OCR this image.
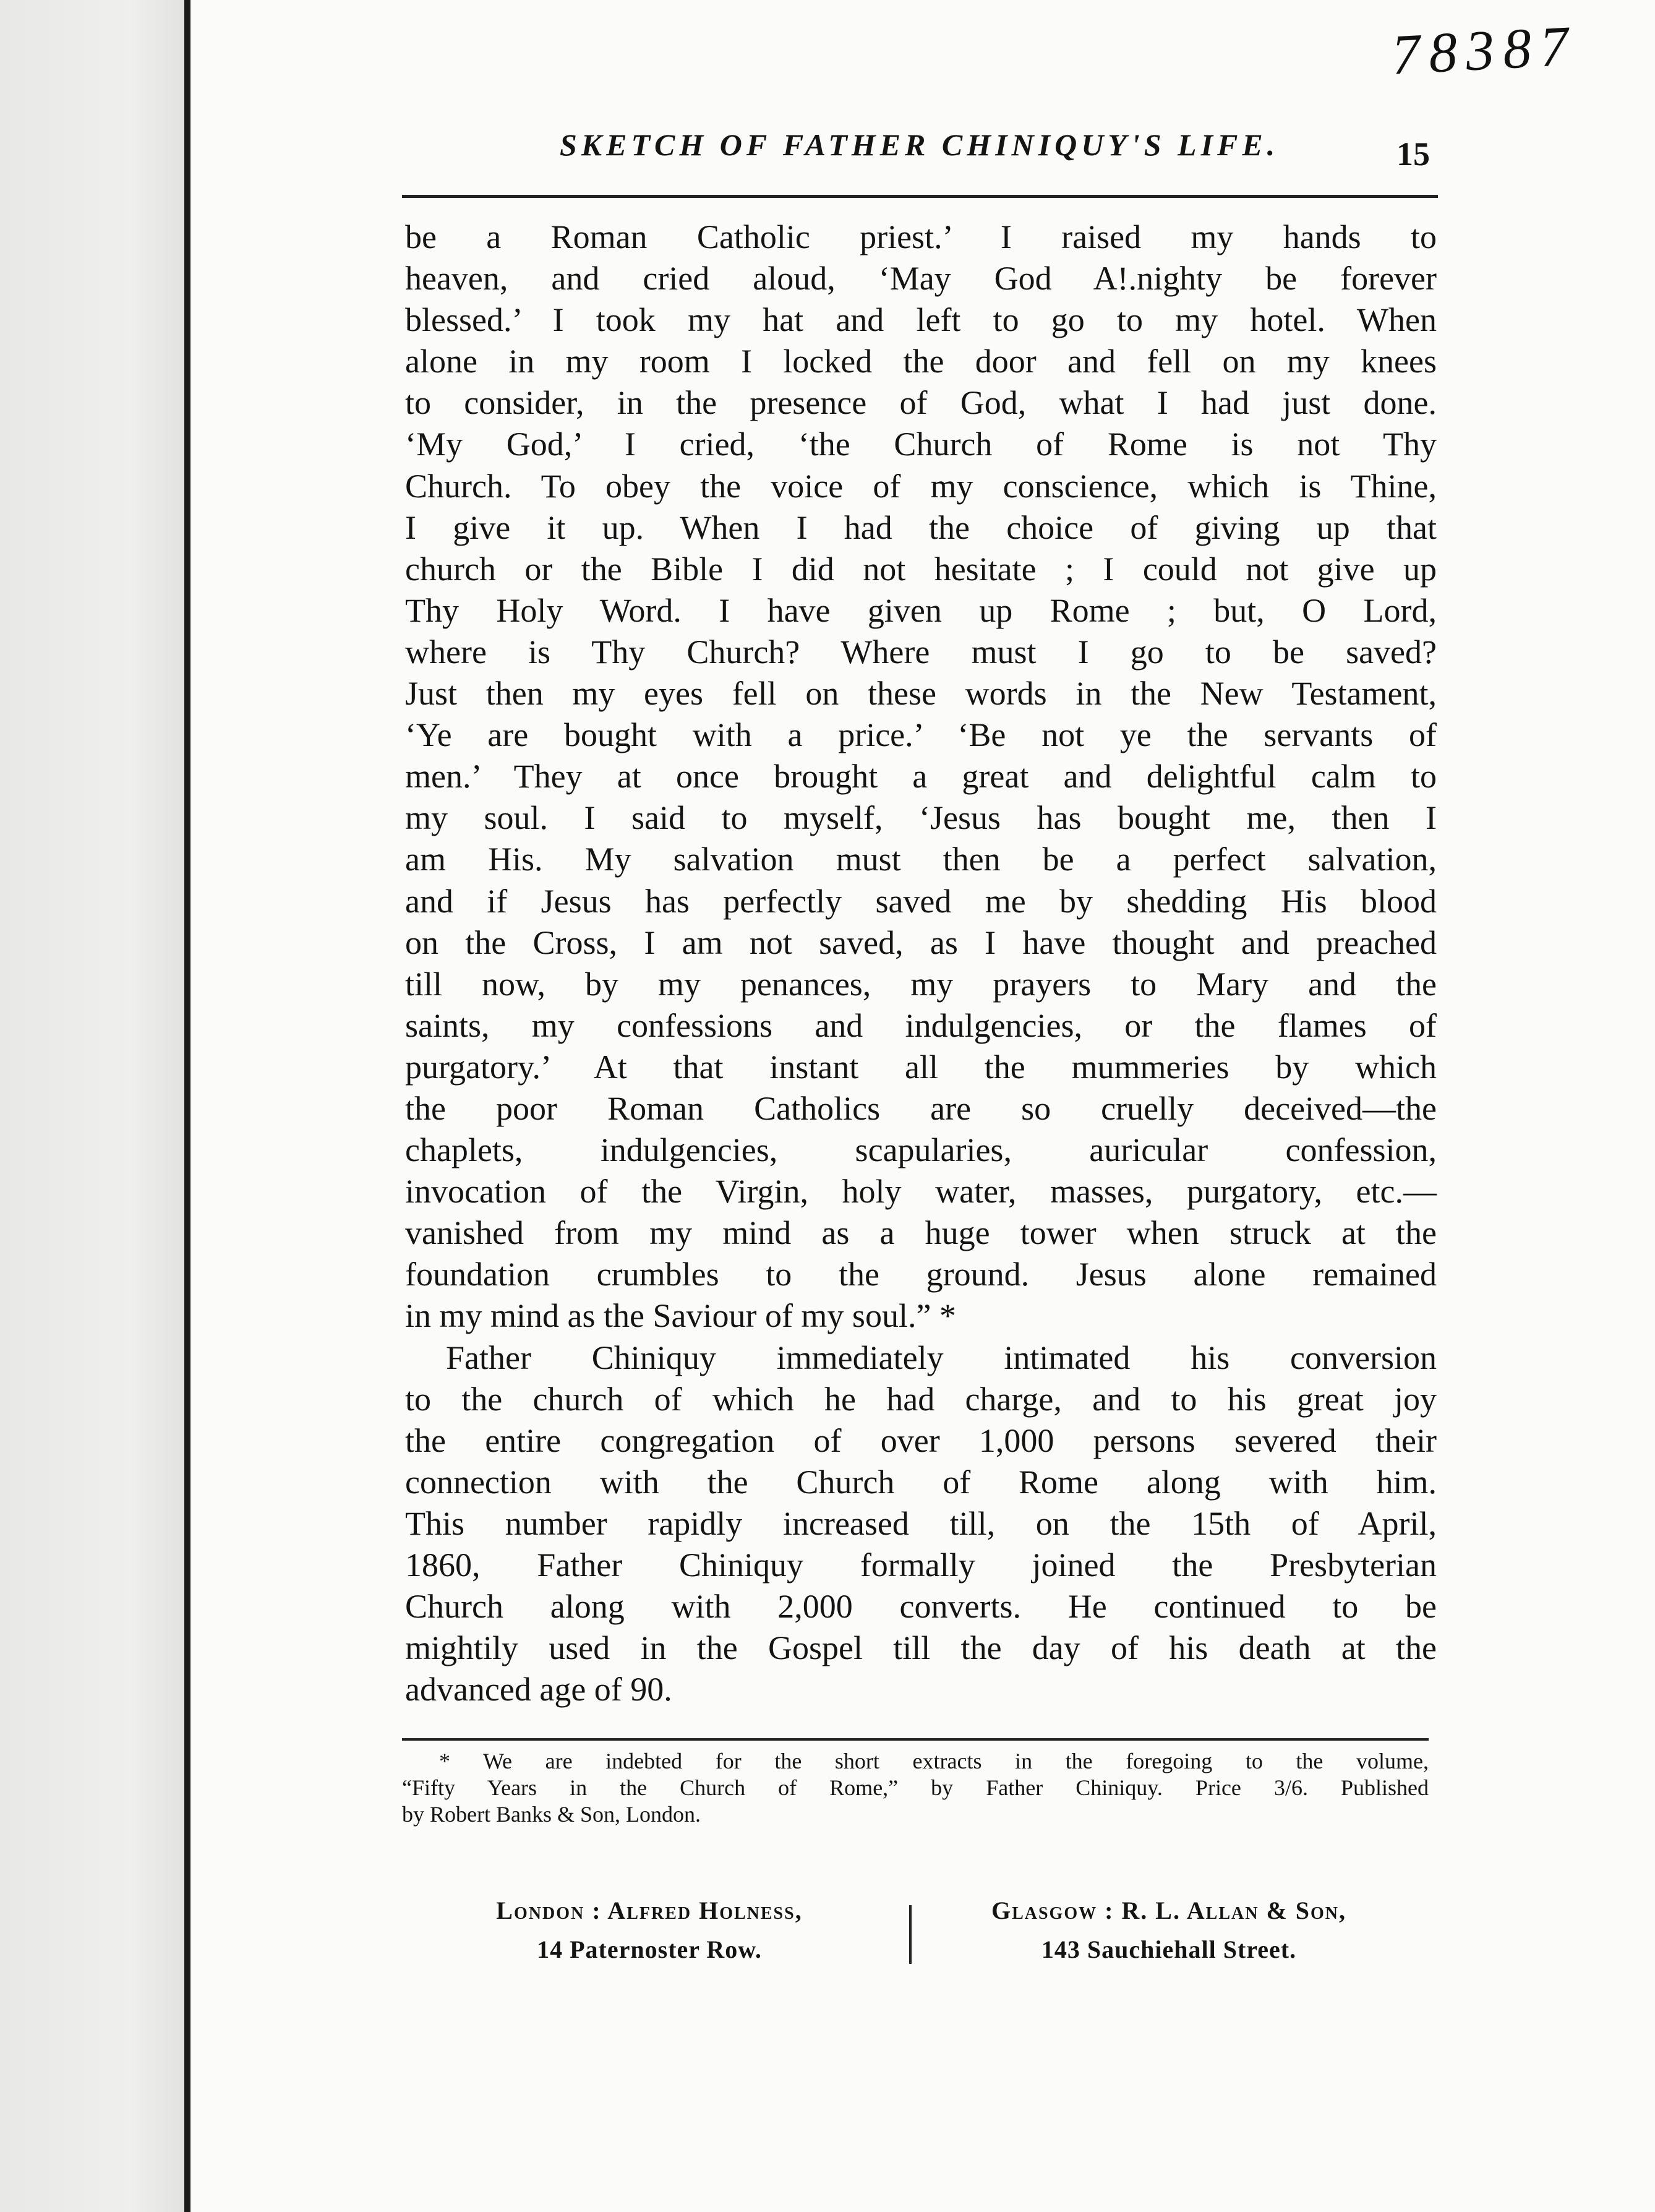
78387
SKETCH OF FATHER CHINIQUY'S LIFE.	15
be a Roman Catholic priest.’ I raised my hands to
heaven, and cried aloud, ‘May God A!.nighty be forever
blessed.’ I took my hat and left to go to my hotel. When
alone in my room I locked the door and fell on my knees
to consider, in the presence of God, what I had just done.
‘My God,’ I cried, ‘the Church of Rome is not Thy
Church. To obey the voice of my conscience, which is Thine,
I give it up. When I had the choice of giving up that
church or the Bible I did not hesitate ; I could not give up
Thy Holy Word. I have given up Rome ; but, O Lord,
where is Thy Church? Where must I go to be saved?
Just then my eyes fell on these words in the New Testament,
‘Ye are bought with a price.’ ‘Be not ye the servants of
men.’ They at once brought a great and delightful calm to
my soul. I said to myself, ‘Jesus has bought me, then I
am His. My salvation must then be a perfect salvation,
and if Jesus has perfectly saved me by shedding His blood
on the Cross, I am not saved, as I have thought and preached
till now, by my penances, my prayers to Mary and the
saints, my confessions and indulgencies, or the flames of
purgatory.’ At that instant all the mummeries by which
the poor Roman Catholics are so cruelly deceived—the
chaplets, indulgencies, scapularies, auricular confession,
invocation of the Virgin, holy water, masses, purgatory, etc.—
vanished from my mind as a huge tower when struck at the
foundation crumbles to the ground. Jesus alone remained
in my mind as the Saviour of my soul.” *
Father Chiniquy immediately intimated his conversion
to the church of which he had charge, and to his great joy
the entire congregation of over 1,000 persons severed their
connection with the Church of Rome along with him.
This number rapidly increased till, on the 15th of April,
1860, Father Chiniquy formally joined the Presbyterian
Church along with 2,000 converts. He continued to be
mightily used in the Gospel till the day of his death at the
advanced age of 90.
* We are indebted for the short extracts in the foregoing to the volume,
“Fifty Years in the Church of Rome,” by Father Chiniquy. Price 3/6. Published
by Robert Banks & Son, London.
London : Alfred Holness,
14 Paternoster Row.
Glasgow : R. L. Allan & Son,
143 Sauchiehall Street.
